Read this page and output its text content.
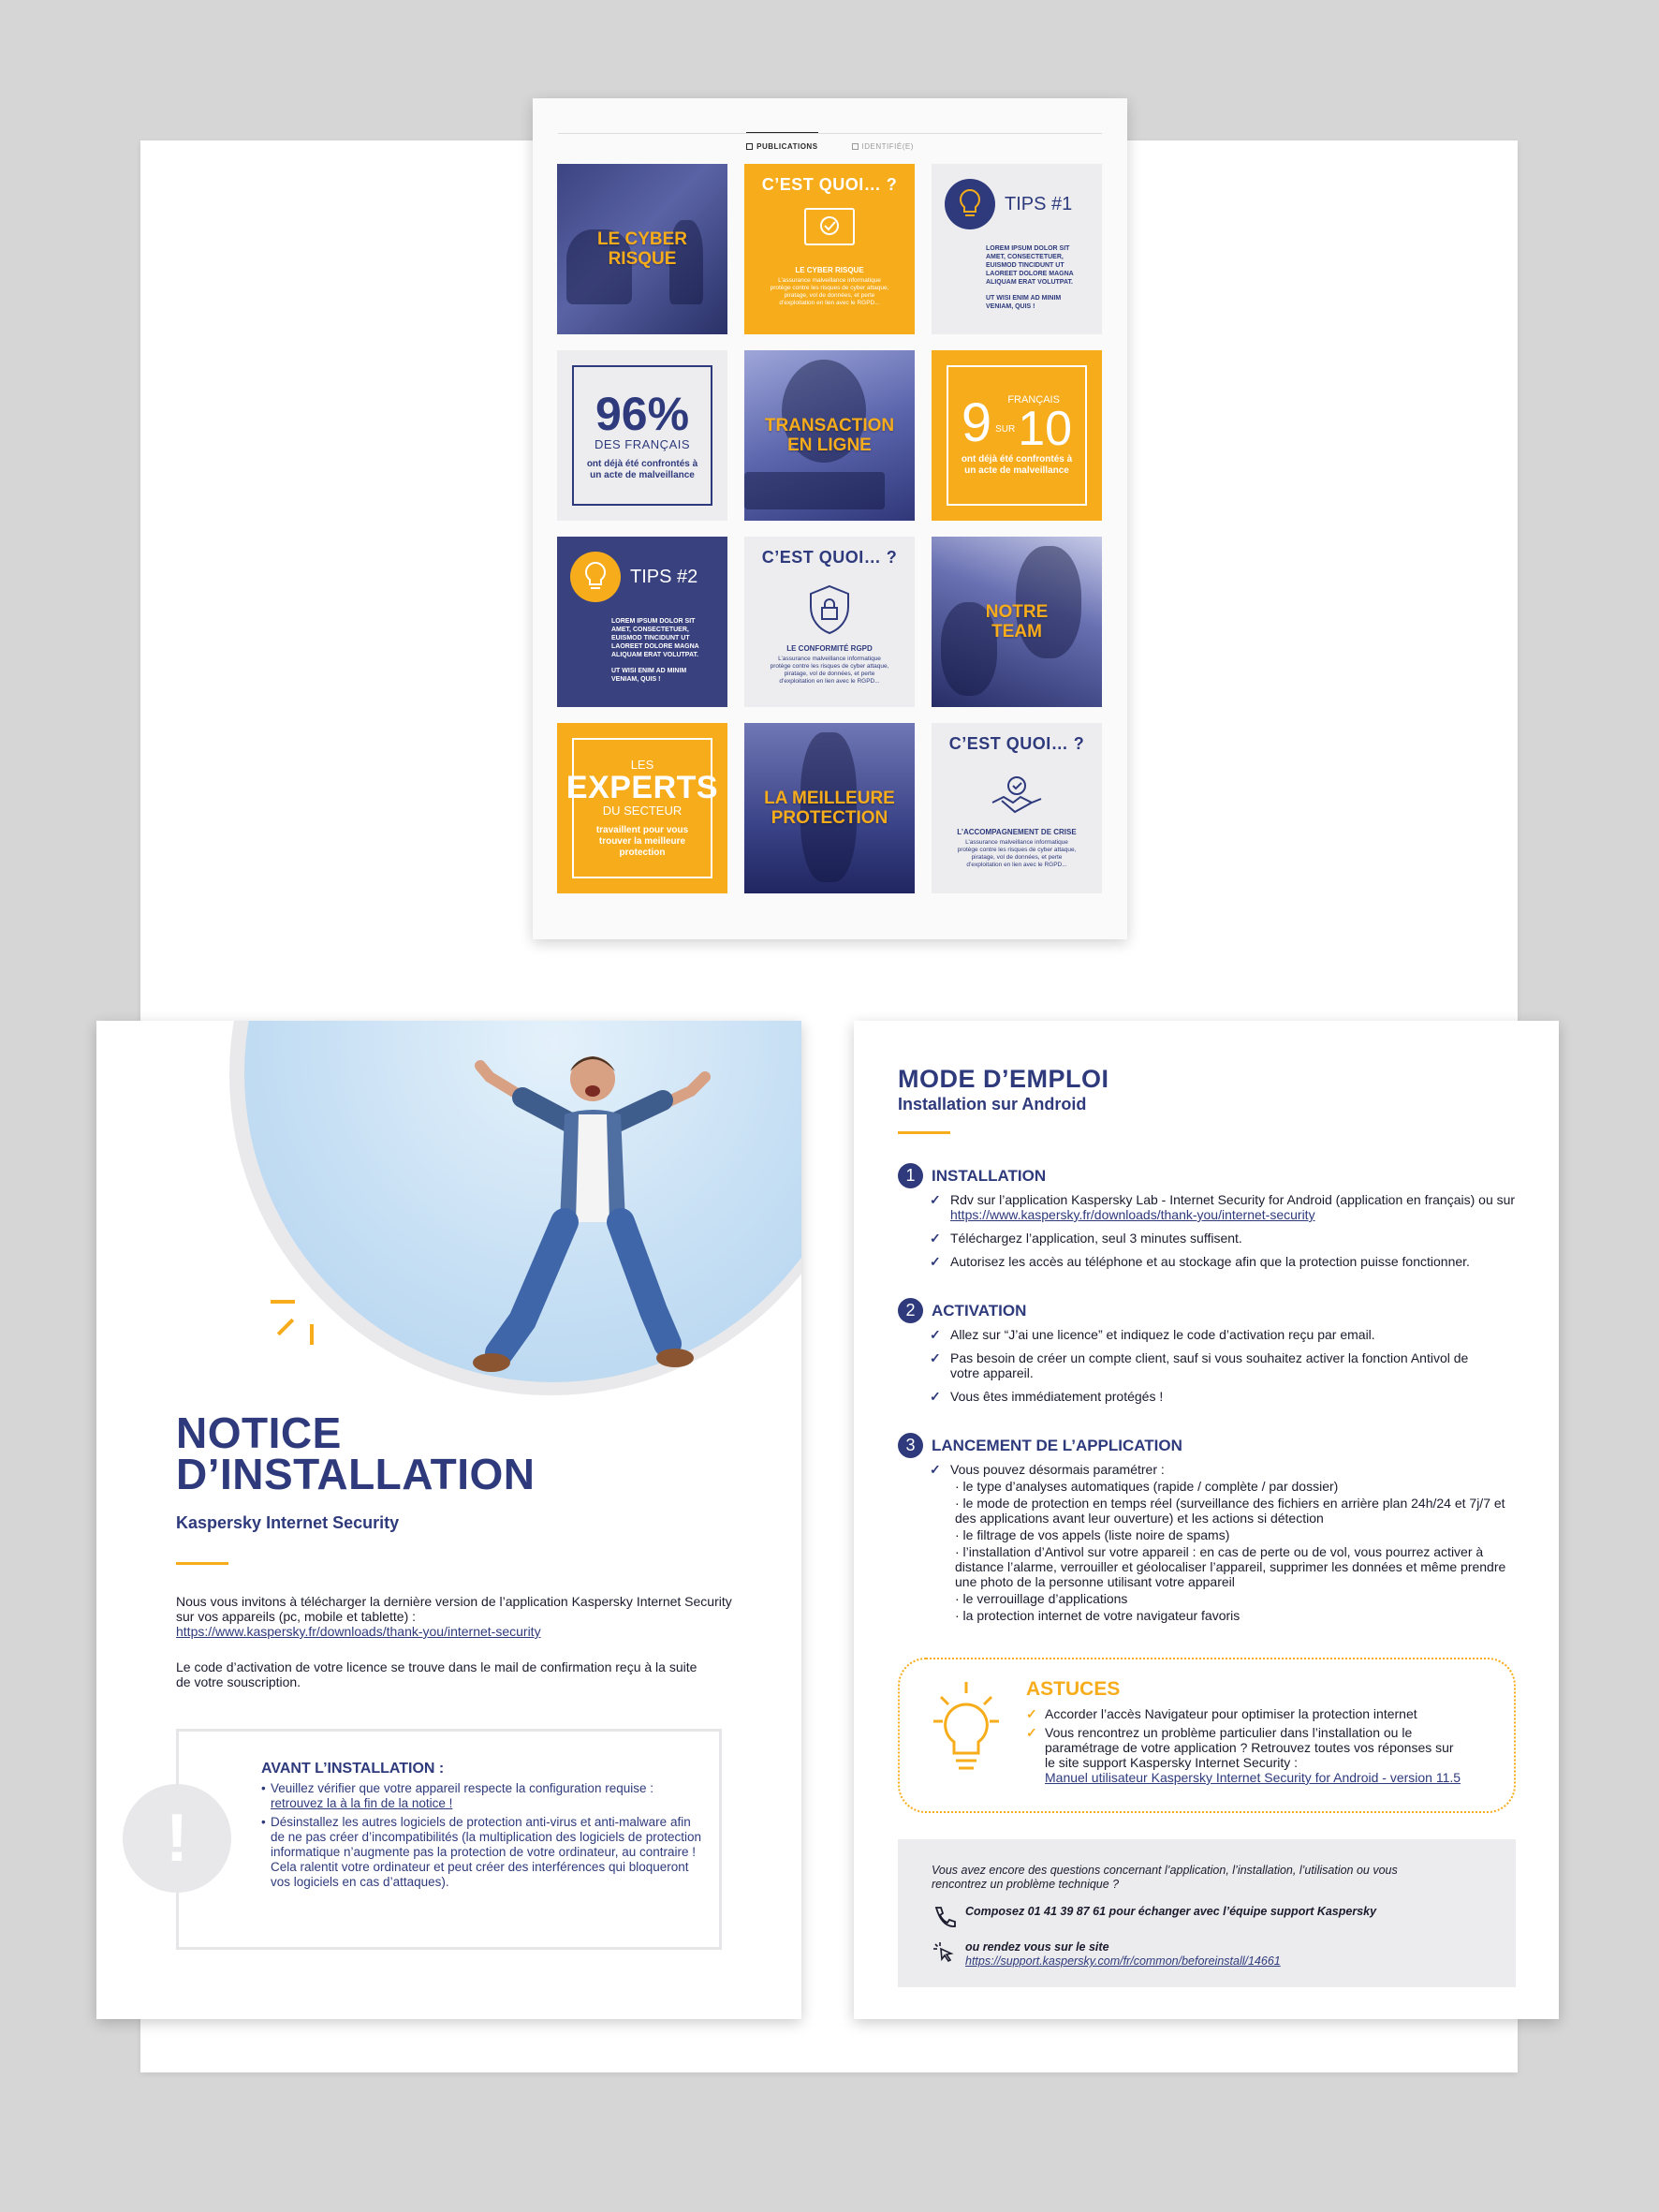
PUBLICATIONS	IDENTIFIÉ(E)
LE CYBER RISQUE
C’EST QUOI… ?
LE CYBER RISQUE
L’assurance malveillance informatique protège contre les risques de cyber attaque, piratage, vol de données, et perte d’exploitation en lien avec le RGPD...
TIPS #1
LOREM IPSUM DOLOR SIT AMET, CONSECTETUER, EUISMOD TINCIDUNT UT LAOREET DOLORE MAGNA ALIQUAM ERAT VOLUTPAT.
UT WISI ENIM AD MINIM VENIAM, QUIS !
96%
DES FRANÇAIS
ont déjà été confrontés à un acte de malveillance
TRANSACTION EN LIGNE	9 FRANÇAIS
SUR 10
ont déjà été confrontés à un acte de malveillance
TIPS #2
LOREM IPSUM DOLOR SIT AMET, CONSECTETUER, EUISMOD TINCIDUNT UT LAOREET DOLORE MAGNA ALIQUAM ERAT VOLUTPAT.
UT WISI ENIM AD MINIM VENIAM, QUIS !
C’EST QUOI… ?
LE CONFORMITÉ RGPD
L’assurance malveillance informatique protège contre les risques de cyber attaque, piratage, vol de données, et perte d’exploitation en lien avec le RGPD...
NOTRE TEAM
LES
EXPERTS
DU SECTEUR
travaillent pour vous trouver la meilleure protection
LA MEILLEURE PROTECTION
C’EST QUOI… ?
L’ACCOMPAGNEMENT DE CRISE
L’assurance malveillance informatique protège contre les risques de cyber attaque, piratage, vol de données, et perte d’exploitation en lien avec le RGPD...
NOTICE
D’INSTALLATION
Kaspersky Internet Security
Nous vous invitons à télécharger la dernière version de l’application Kaspersky Internet Security sur vos appareils (pc, mobile et tablette) :
https://www.kaspersky.fr/downloads/thank-you/internet-security
Le code d’activation de votre licence se trouve dans le mail de confirmation reçu à la suite de votre souscription.
!
AVANT L’INSTALLATION :
• Veuillez vérifier que votre appareil respecte la configuration requise : retrouvez la à la fin de la notice !
• Désinstallez les autres logiciels de protection anti-virus et anti-malware afin de ne pas créer d’incompatibilités (la multiplication des logiciels de protection informatique n’augmente pas la protection de votre ordinateur, au contraire ! Cela ralentit votre ordinateur et peut créer des interférences qui bloqueront vos logiciels en cas d’attaques).
MODE D’EMPLOI
Installation sur Android
1	INSTALLATION
✓ Rdv sur l’application Kaspersky Lab - Internet Security for Android (application en français) ou sur https://www.kaspersky.fr/downloads/thank-you/internet-security
✓ Téléchargez l’application, seul 3 minutes suffisent.
✓ Autorisez les accès au téléphone et au stockage afin que la protection puisse fonctionner.
2	ACTIVATION
✓ Allez sur “J’ai une licence” et indiquez le code d’activation reçu par email.
✓ Pas besoin de créer un compte client, sauf si vous souhaitez activer la fonction Antivol de votre appareil.
✓ Vous êtes immédiatement protégés !
3	LANCEMENT DE L’APPLICATION
✓ Vous pouvez désormais paramétrer :
· le type d’analyses automatiques (rapide / complète / par dossier)
· le mode de protection en temps réel (surveillance des fichiers en arrière plan 24h/24 et 7j/7 et des applications avant leur ouverture) et les actions si détection
· le filtrage de vos appels (liste noire de spams)
· l’installation d’Antivol sur votre appareil : en cas de perte ou de vol, vous pourrez activer à distance l’alarme, verrouiller et géolocaliser l’appareil, supprimer les données et même prendre une photo de la personne utilisant votre appareil
· le verrouillage d’applications
· la protection internet de votre navigateur favoris
ASTUCES
✓ Accorder l’accès Navigateur pour optimiser la protection internet
✓ Vous rencontrez un problème particulier dans l’installation ou le paramétrage de votre application ? Retrouvez toutes vos réponses sur le site support Kaspersky Internet Security :
Manuel utilisateur Kaspersky Internet Security for Android - version 11.5
Vous avez encore des questions concernant l’application, l’installation, l’utilisation ou vous rencontrez un problème technique ?
Composez 01 41 39 87 61 pour échanger avec l’équipe support Kaspersky
ou rendez vous sur le site
https://support.kaspersky.com/fr/common/beforeinstall/14661
